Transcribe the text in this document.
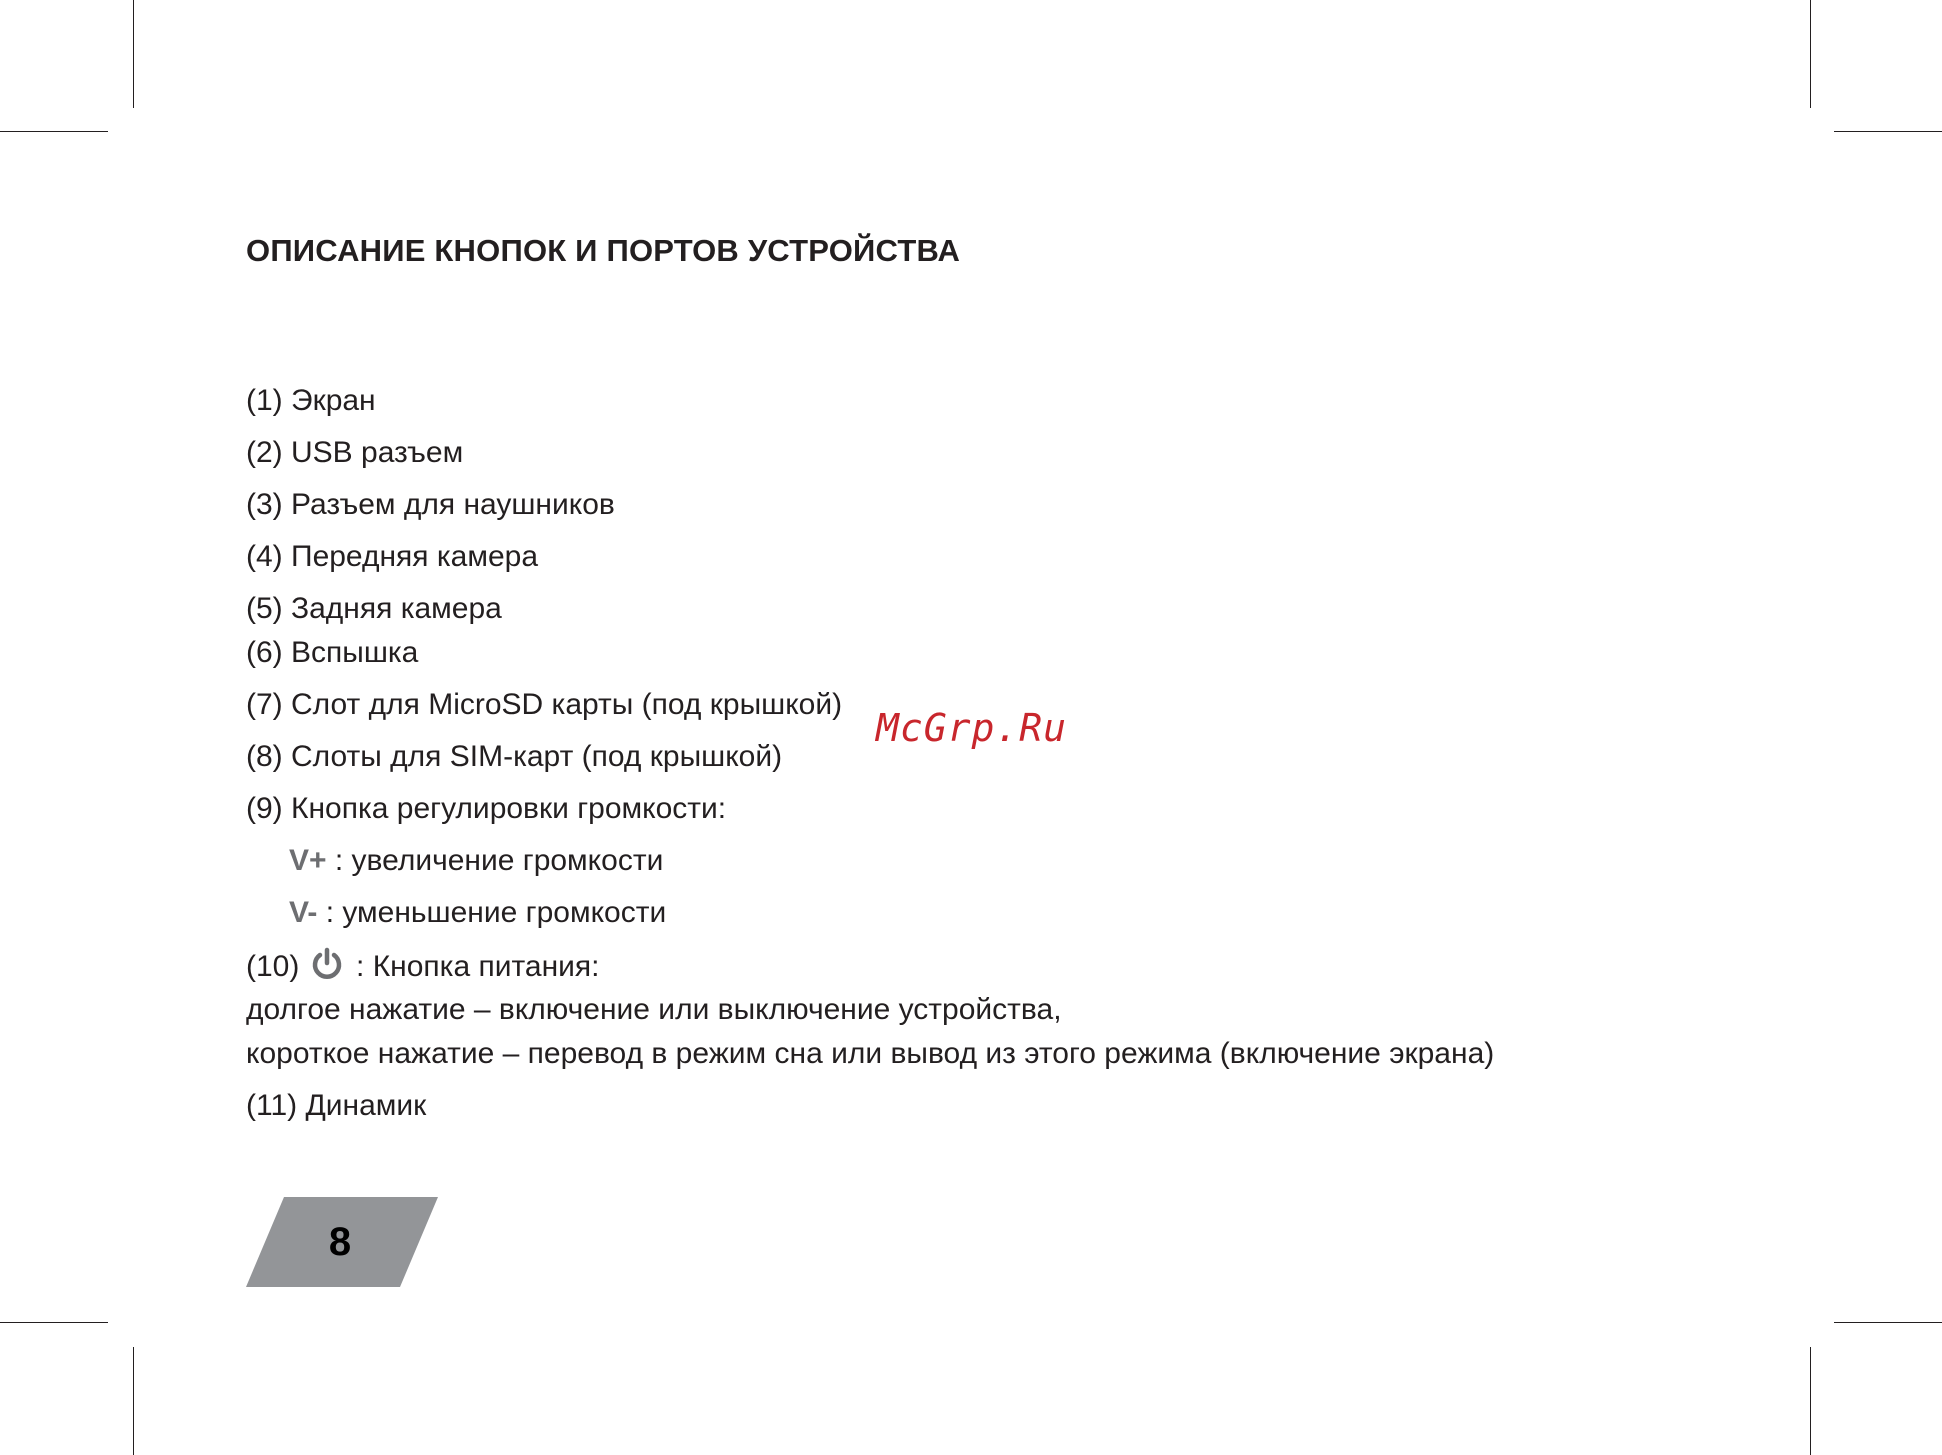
ОПИСАНИЕ КНОПОК И ПОРТОВ УСТРОЙСТВА
(1) Экран
(2) USB разъем
(3) Разъем для наушников
(4) Передняя камера
(5) Задняя камера
(6) Вспышка
(7) Слот для MicroSD карты (под крышкой)
(8) Слоты для SIM-карт (под крышкой)
(9) Кнопка регулировки громкости:
V+ : увеличение громкости
V- : уменьшение громкости
(10)  : Кнопка питания:
долгое нажатие – включение или выключение устройства,
короткое нажатие – перевод в режим сна или вывод из этого режима (включение экрана)
(11) Динамик
McGrp.Ru
8
